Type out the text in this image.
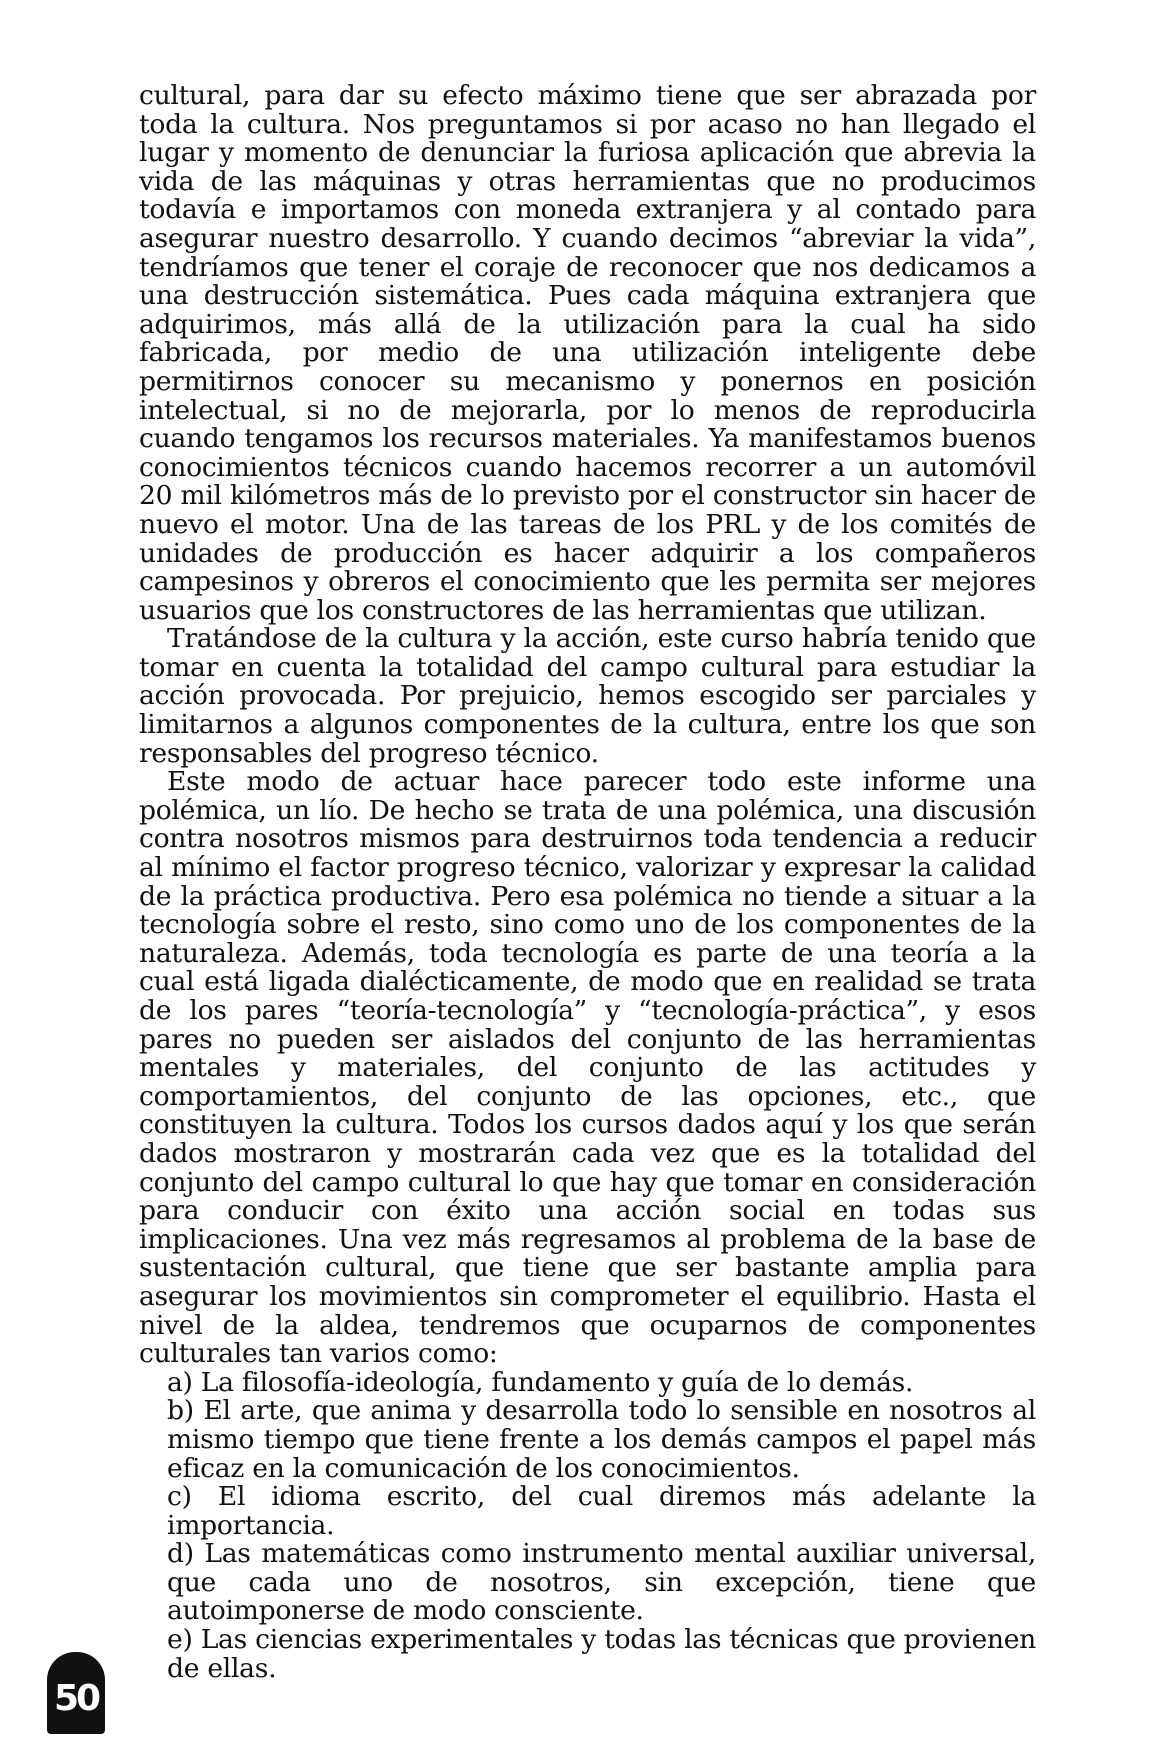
cultural, para dar su efecto máximo tiene que ser abrazada por toda la cultura. Nos preguntamos si por acaso no han llegado el lugar y momento de denunciar la furiosa aplicación que abrevia la vida de las máquinas y otras herramientas que no producimos todavía e importamos con moneda extranjera y al contado para asegurar nuestro desarrollo. Y cuando decimos “abreviar la vida”, tendríamos que tener el coraje de reconocer que nos dedicamos a una destrucción sistemática. Pues cada máquina extranjera que adquirimos, más allá de la utilización para la cual ha sido fabricada, por medio de una utilización inteligente debe permitirnos conocer su mecanismo y ponernos en posición intelectual, si no de mejorarla, por lo menos de reproducirla cuando tengamos los recursos materiales. Ya manifestamos buenos conocimientos técnicos cuando hacemos recorrer a un automóvil 20 mil kilómetros más de lo previsto por el constructor sin hacer de nuevo el motor. Una de las tareas de los PRL y de los comités de unidades de producción es hacer adquirir a los compañeros campesinos y obreros el conocimiento que les permita ser mejores usuarios que los constructores de las herramientas que utilizan.

Tratándose de la cultura y la acción, este curso habría tenido que tomar en cuenta la totalidad del campo cultural para estudiar la acción provocada. Por prejuicio, hemos escogido ser parciales y limitarnos a algunos componentes de la cultura, entre los que son responsables del progreso técnico.

Este modo de actuar hace parecer todo este informe una polémica, un lío. De hecho se trata de una polémica, una discusión contra nosotros mismos para destruirnos toda tendencia a reducir al mínimo el factor progreso técnico, valorizar y expresar la calidad de la práctica productiva. Pero esa polémica no tiende a situar a la tecnología sobre el resto, sino como uno de los componentes de la naturaleza. Además, toda tecnología es parte de una teoría a la cual está ligada dialécticamente, de modo que en realidad se trata de los pares “teoría-tecnología” y “tecnología-práctica”, y esos pares no pueden ser aislados del conjunto de las herramientas mentales y materiales, del conjunto de las actitudes y comportamientos, del conjunto de las opciones, etc., que constituyen la cultura. Todos los cursos dados aquí y los que serán dados mostraron y mostrarán cada vez que es la totalidad del conjunto del campo cultural lo que hay que tomar en consideración para conducir con éxito una acción social en todas sus implicaciones. Una vez más regresamos al problema de la base de sustentación cultural, que tiene que ser bastante amplia para asegurar los movimientos sin comprometer el equilibrio. Hasta el nivel de la aldea, tendremos que ocuparnos de componentes culturales tan varios como:

a) La filosofía-ideología, fundamento y guía de lo demás.

b) El arte, que anima y desarrolla todo lo sensible en nosotros al mismo tiempo que tiene frente a los demás campos el papel más eficaz en la comunicación de los conocimientos.

c) El idioma escrito, del cual diremos más adelante la importancia.

d) Las matemáticas como instrumento mental auxiliar universal, que cada uno de nosotros, sin excepción, tiene que autoimponerse de modo consciente.

e) Las ciencias experimentales y todas las técnicas que provienen de ellas.

50
